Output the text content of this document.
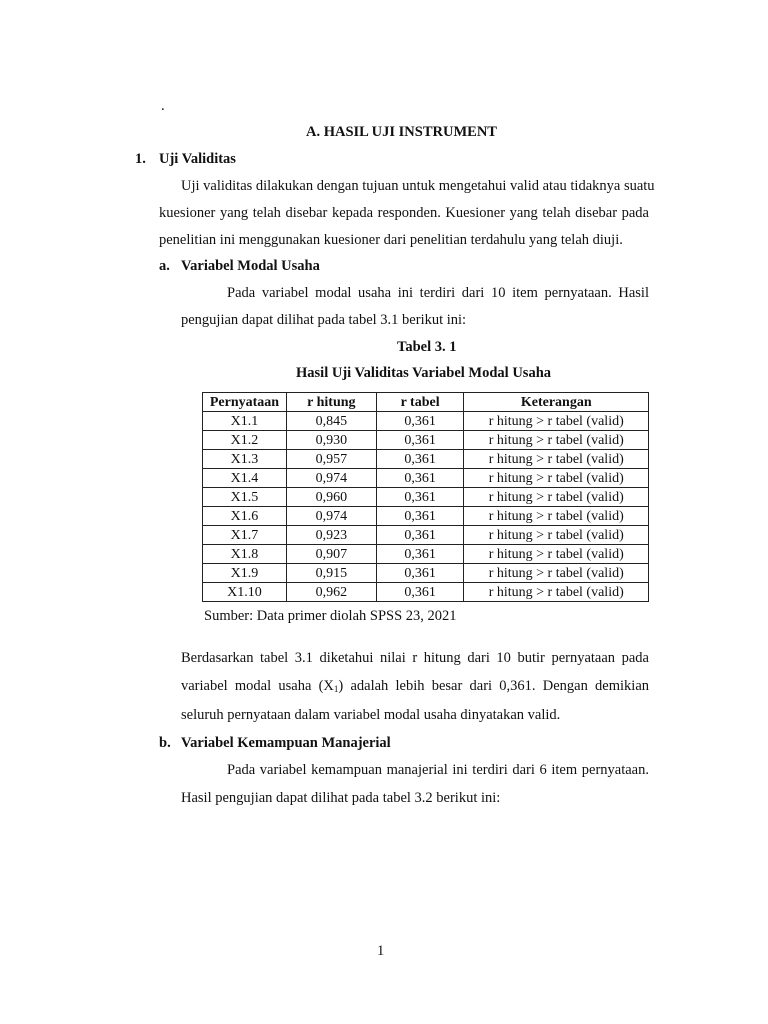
.
A. HASIL UJI INSTRUMENT
1. Uji Validitas
Uji validitas dilakukan dengan tujuan untuk mengetahui valid atau tidaknya suatu
kuesioner yang telah disebar kepada responden. Kuesioner yang telah disebar pada
penelitian ini menggunakan kuesioner dari penelitian terdahulu yang telah diuji.
a. Variabel Modal Usaha
Pada variabel modal usaha ini terdiri dari 10 item pernyataan. Hasil
pengujian dapat dilihat pada tabel 3.1 berikut ini:
Tabel 3. 1
Hasil Uji Validitas Variabel Modal Usaha
Pernyataan	r hitung	r tabel	Keterangan
X1.1	0,845	0,361	r hitung > r tabel (valid)
X1.2	0,930	0,361	r hitung > r tabel (valid)
X1.3	0,957	0,361	r hitung > r tabel (valid)
X1.4	0,974	0,361	r hitung > r tabel (valid)
X1.5	0,960	0,361	r hitung > r tabel (valid)
X1.6	0,974	0,361	r hitung > r tabel (valid)
X1.7	0,923	0,361	r hitung > r tabel (valid)
X1.8	0,907	0,361	r hitung > r tabel (valid)
X1.9	0,915	0,361	r hitung > r tabel (valid)
X1.10	0,962	0,361	r hitung > r tabel (valid)
Sumber: Data primer diolah SPSS 23, 2021
Berdasarkan tabel 3.1 diketahui nilai r hitung dari 10 butir pernyataan pada
variabel modal usaha $(X_1)$ adalah lebih besar dari 0,361. Dengan demikian
seluruh pernyataan dalam variabel modal usaha dinyatakan valid.
b. Variabel Kemampuan Manajerial
Pada variabel kemampuan manajerial ini terdiri dari 6 item pernyataan.
Hasil pengujian dapat dilihat pada tabel 3.2 berikut ini:
1
